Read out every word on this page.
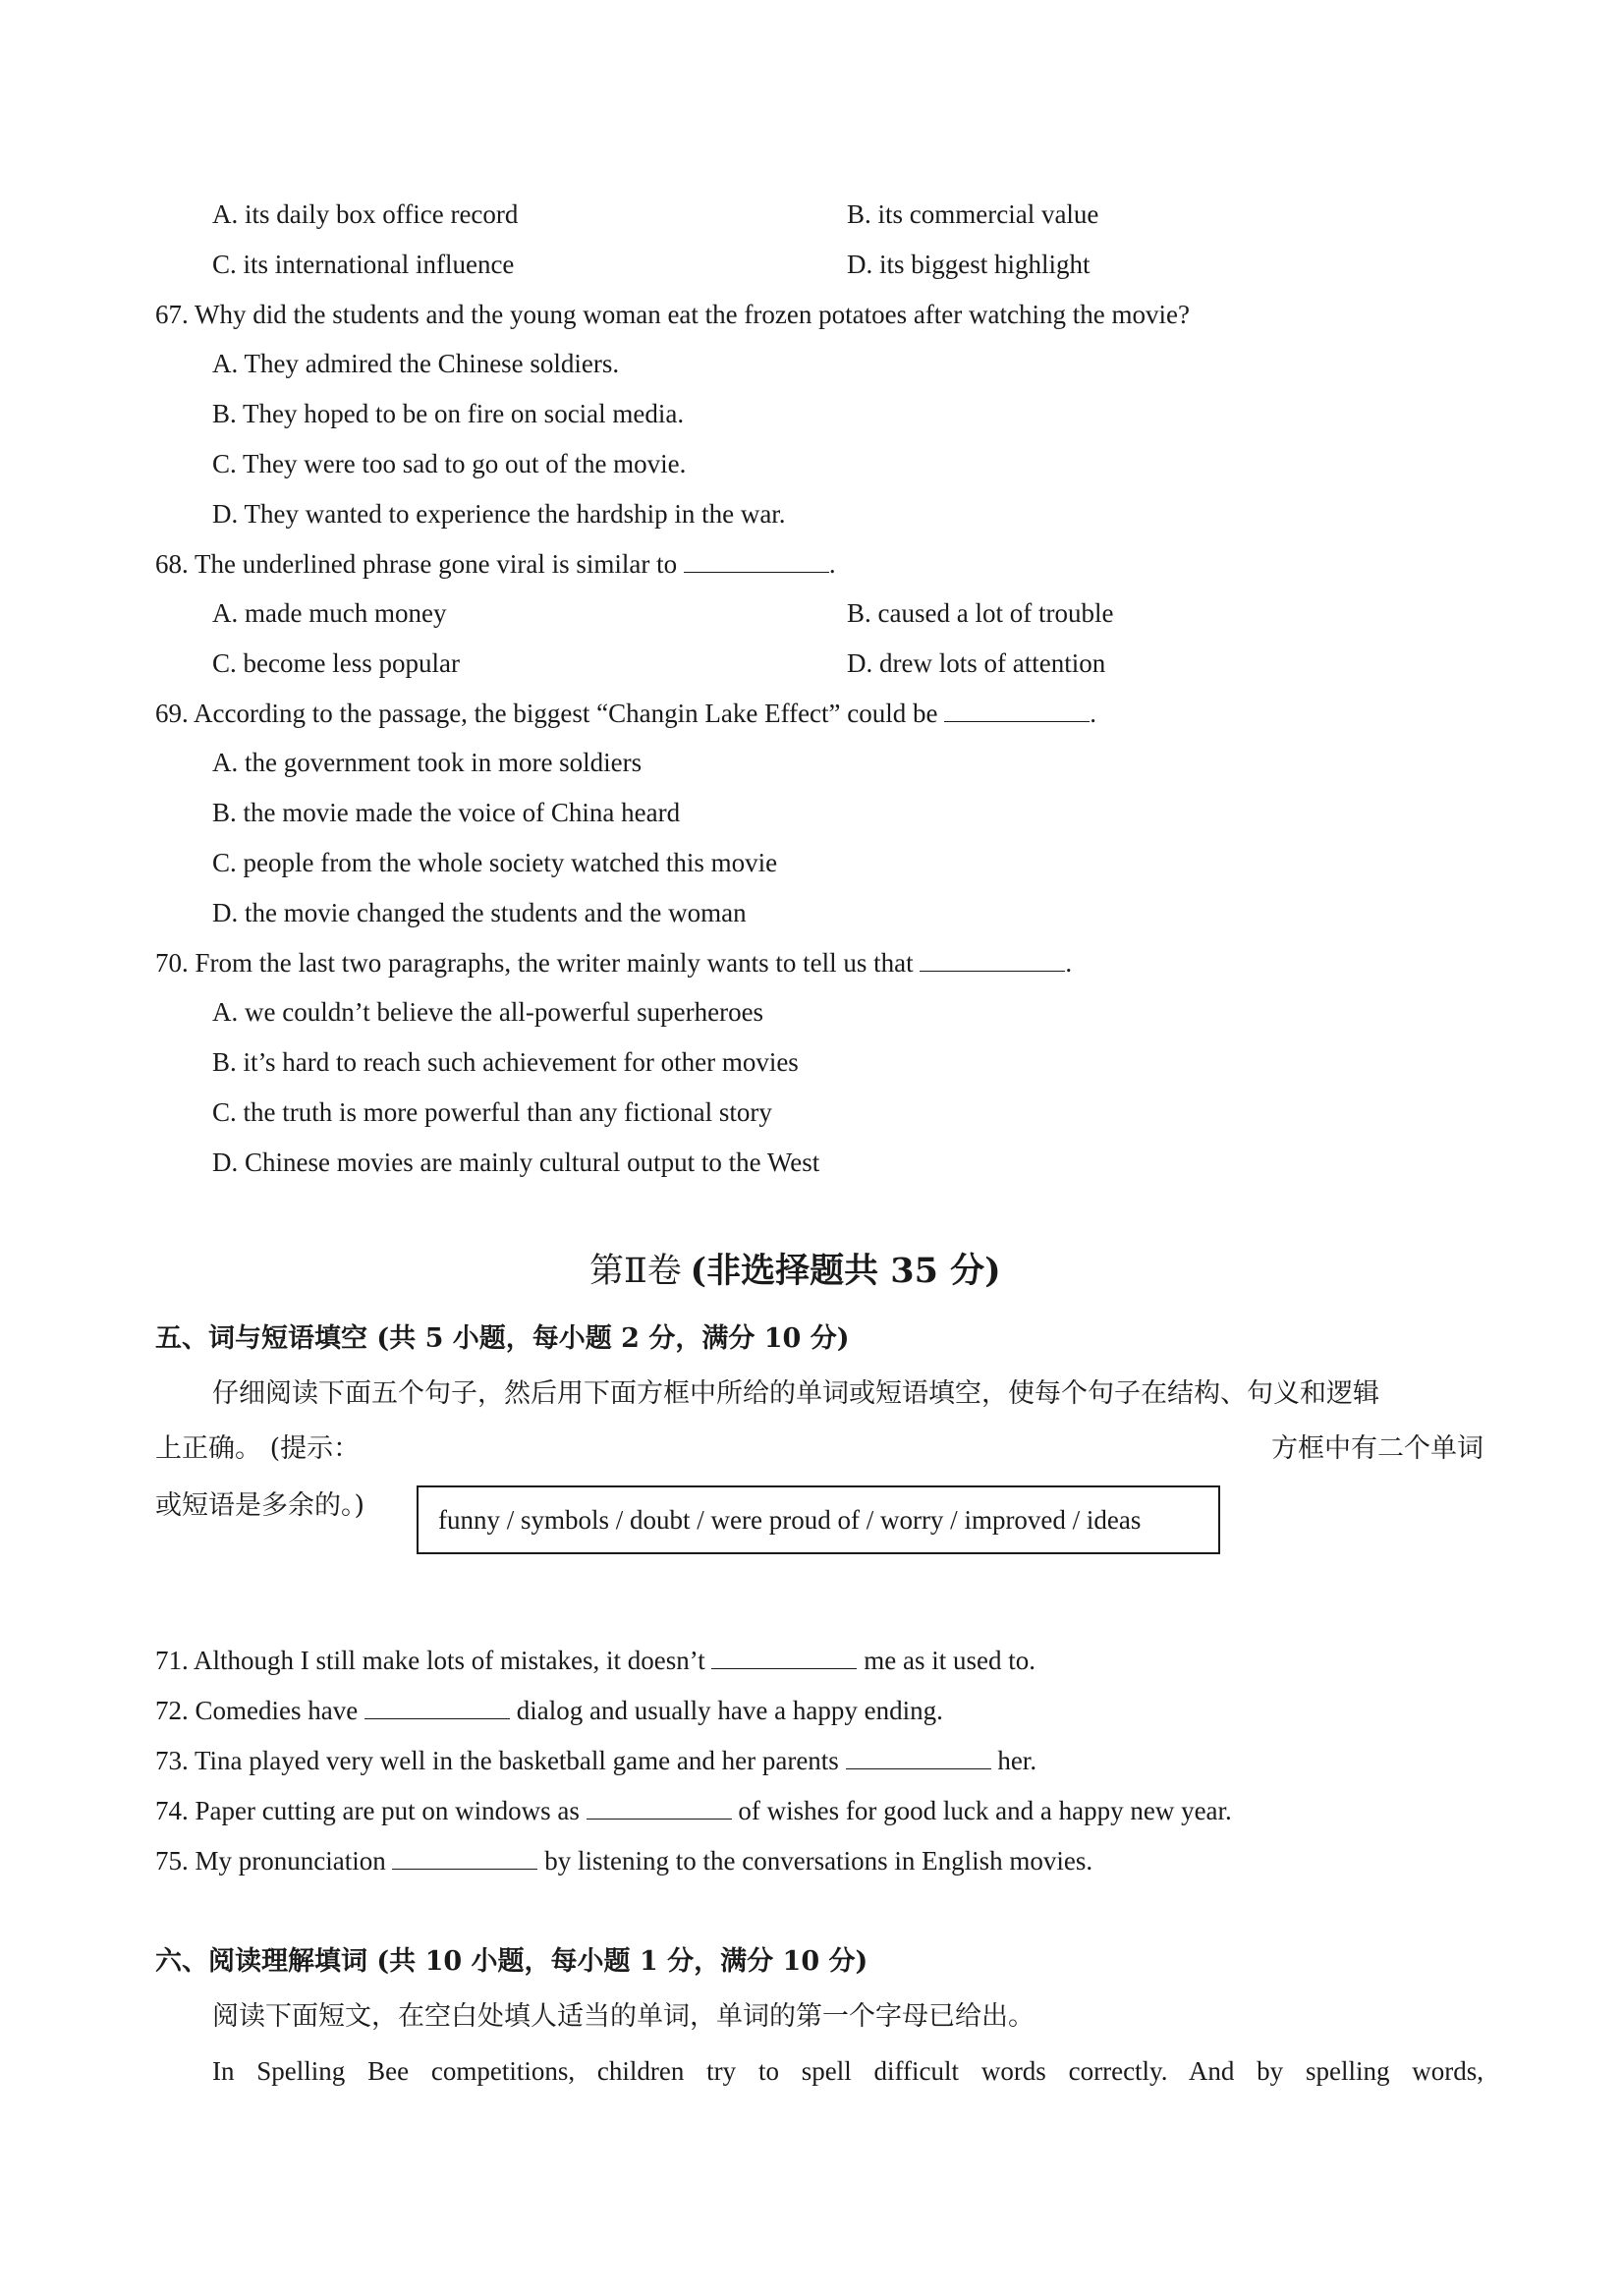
A. its daily box office record	B. its commercial value
C. its international influence	D. its biggest highlight
67. Why did the students and the young woman eat the frozen potatoes after watching the movie?
A. They admired the Chinese soldiers.
B. They hoped to be on fire on social media.
C. They were too sad to go out of the movie.
D. They wanted to experience the hardship in the war.
68. The underlined phrase gone viral is similar to	.
A. made much money	B. caused a lot of trouble
C. become less popular	D. drew lots of attention
69. According to the passage, the biggest “Changin Lake Effect” could be	.
A. the government took in more soldiers
B. the movie made the voice of China heard
C. people from the whole society watched this movie
D. the movie changed the students and the woman
70. From the last two paragraphs, the writer mainly wants to tell us that	.
A. we couldn’t believe the all-powerful superheroes
B. it’s hard to reach such achievement for other movies
C. the truth is more powerful than any fictional story
D. Chinese movies are mainly cultural output to the West
第Ⅱ卷 (非选择题共 35 分)
五、词与短语填空 (共 5 小题，每小题 2 分，满分 10 分)
仔细阅读下面五个句子，然后用下面方框中所给的单词或短语填空，使每个句子在结构、句义和逻辑
上正确。 (提示：	方框中有二个单词
或短语是多余的。)	funny / symbols / doubt / were proud of / worry / improved / ideas
71. Although I still make lots of mistakes, it doesn’t	me as it used to.
72. Comedies have	dialog and usually have a happy ending.
73. Tina played very well in the basketball game and her parents	her.
74. Paper cutting are put on windows as	of wishes for good luck and a happy new year.
75. My pronunciation	by listening to the conversations in English movies.
六、阅读理解填词 (共 10 小题，每小题 1 分，满分 10 分)
阅读下面短文，在空白处填人适当的单词，单词的第一个字母已给出。
In Spelling Bee competitions, children try to spell difficult words correctly. And by spelling words,
